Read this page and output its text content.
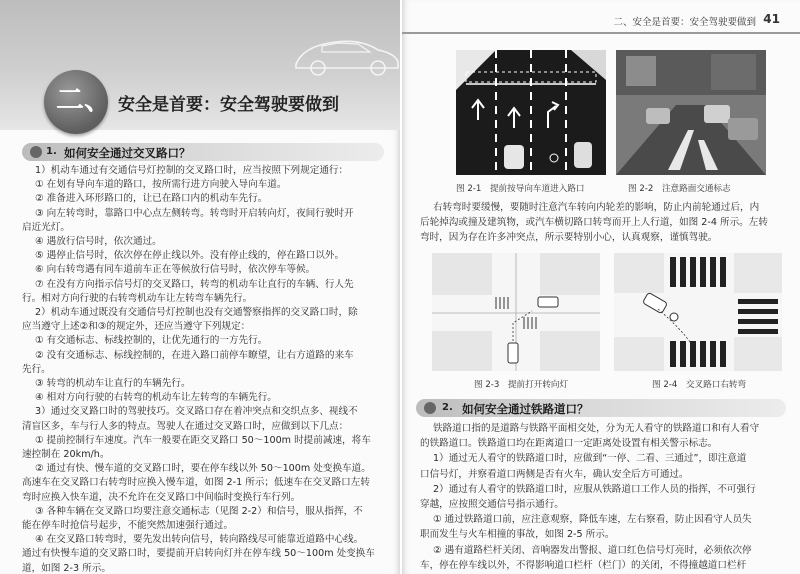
二、 安全是首要：安全驾驶要做到
1. 如何安全通过交叉路口？
1）机动车通过有交通信号灯控制的交叉路口时，应当按照下列规定通行：
① 在划有导向车道的路口，按所需行进方向驶入导向车道。
② 准备进入环形路口的，让已在路口内的机动车先行。
③ 向左转弯时，靠路口中心点左侧转弯。转弯时开启转向灯，夜间行驶时开
启近光灯。
④ 遇放行信号时，依次通过。
⑤ 遇停止信号时，依次停在停止线以外。没有停止线的，停在路口以外。
⑥ 向右转弯遇有同车道前车正在等候放行信号时，依次停车等候。
⑦ 在没有方向指示信号灯的交叉路口，转弯的机动车让直行的车辆、行人先
行。相对方向行驶的右转弯机动车让左转弯车辆先行。
2）机动车通过既没有交通信号灯控制也没有交通警察指挥的交叉路口时，除
应当遵守上述②和③的规定外，还应当遵守下列规定：
① 有交通标志、标线控制的，让优先通行的一方先行。
② 没有交通标志、标线控制的，在进入路口前停车瞭望，让右方道路的来车
先行。
③ 转弯的机动车让直行的车辆先行。
④ 相对方向行驶的右转弯的机动车让左转弯的车辆先行。
3）通过交叉路口时的驾驶技巧。交叉路口存在着冲突点和交织点多、视线不
清盲区多，车与行人多的特点。驾驶人在通过交叉路口时，应做到以下几点：
① 提前控制行车速度。汽车一般要在距交叉路口 50～100m 时提前减速，将车
速控制在 20km/h。
② 通过有快、慢车道的交叉路口时，要在停车线以外 50～100m 处变换车道。
高速车在交叉路口右转弯时应换入慢车道，如图 2-1 所示；低速车在交叉路口左转
弯时应换入快车道，决不允许在交叉路口中间临时变换行车行列。
③ 各种车辆在交叉路口均要注意交通标志（见图 2-2）和信号，服从指挥，不
能在停车时抢信号起步，不能突然加速强行通过。
④ 在交叉路口转弯时，要先发出转向信号，转向路线尽可能靠近道路中心线。
通过有快慢车道的交叉路口时，要提前开启转向灯并在停车线 50～100m 处变换车
道，如图 2-3 所示。
二、安全是首要：安全驾驶要做到 41
图 2-1　提前按导向车道进入路口	图 2-2　注意路面交通标志
右转弯时要缓慢，要随时注意汽车转向内轮差的影响，防止内前轮通过后，内
后轮掉沟或撞及建筑物，或汽车横切路口转弯而开上人行道，如图 2-4 所示。左转
弯时，因为存在许多冲突点，所示要特别小心，认真观察，谨慎驾驶。
图 2-3　提前打开转向灯	图 2-4　交叉路口右转弯
2. 如何安全通过铁路道口？
铁路道口指的是道路与铁路平面相交处，分为无人看守的铁路道口和有人看守
的铁路道口。铁路道口均在距离道口一定距离处设置有相关警示标志。
1）通过无人看守的铁路道口时，应做到“一停、二看、三通过”，即注意道
口信号灯，并察看道口两侧是否有火车，确认安全后方可通过。
2）通过有人看守的铁路道口时，应服从铁路道口工作人员的指挥，不可强行
穿越，应按照交通信号指示通行。
① 通过铁路道口前，应注意观察，降低车速，左右察看，防止因看守人员失
职而发生与火车相撞的事故，如图 2-5 所示。
② 遇有道路栏杆关闭、音响器发出警报、道口红色信号灯亮时，必须依次停
车，停在停车线以外，不得影响道口栏杆（栏门）的关闭，不得撞越道口栏杆
